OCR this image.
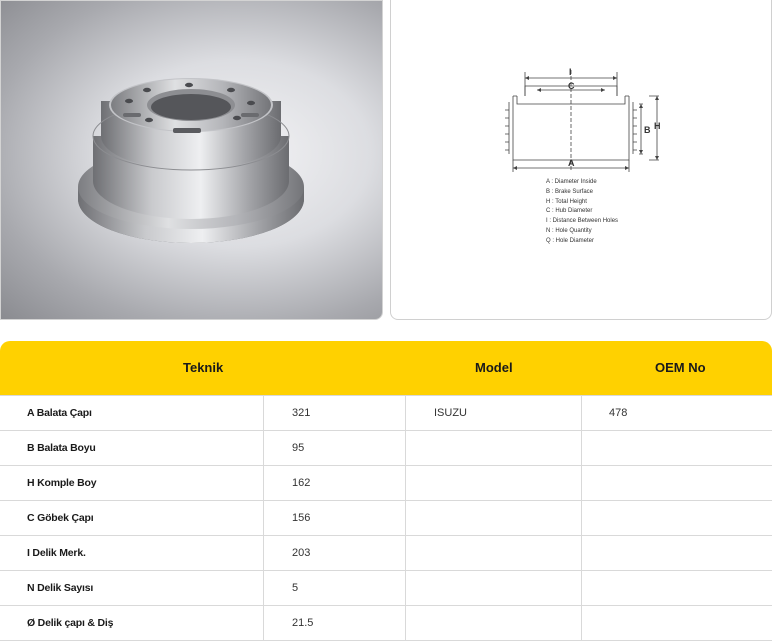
I
C
B H
A
A : Diameter Inside
B : Brake Surface
H : Total Height
C : Hub Diameter
I : Distance Between Holes
N : Hole Quantity
Q : Hole Diameter
Teknik	Model	OEM No
A Balata Çapı	321	ISUZU	478
B Balata Boyu	95
H Komple Boy	162
C Göbek Çapı	156
I Delik Merk.	203
N Delik Sayısı	5
Ø Delik çapı & Diş	21.5
